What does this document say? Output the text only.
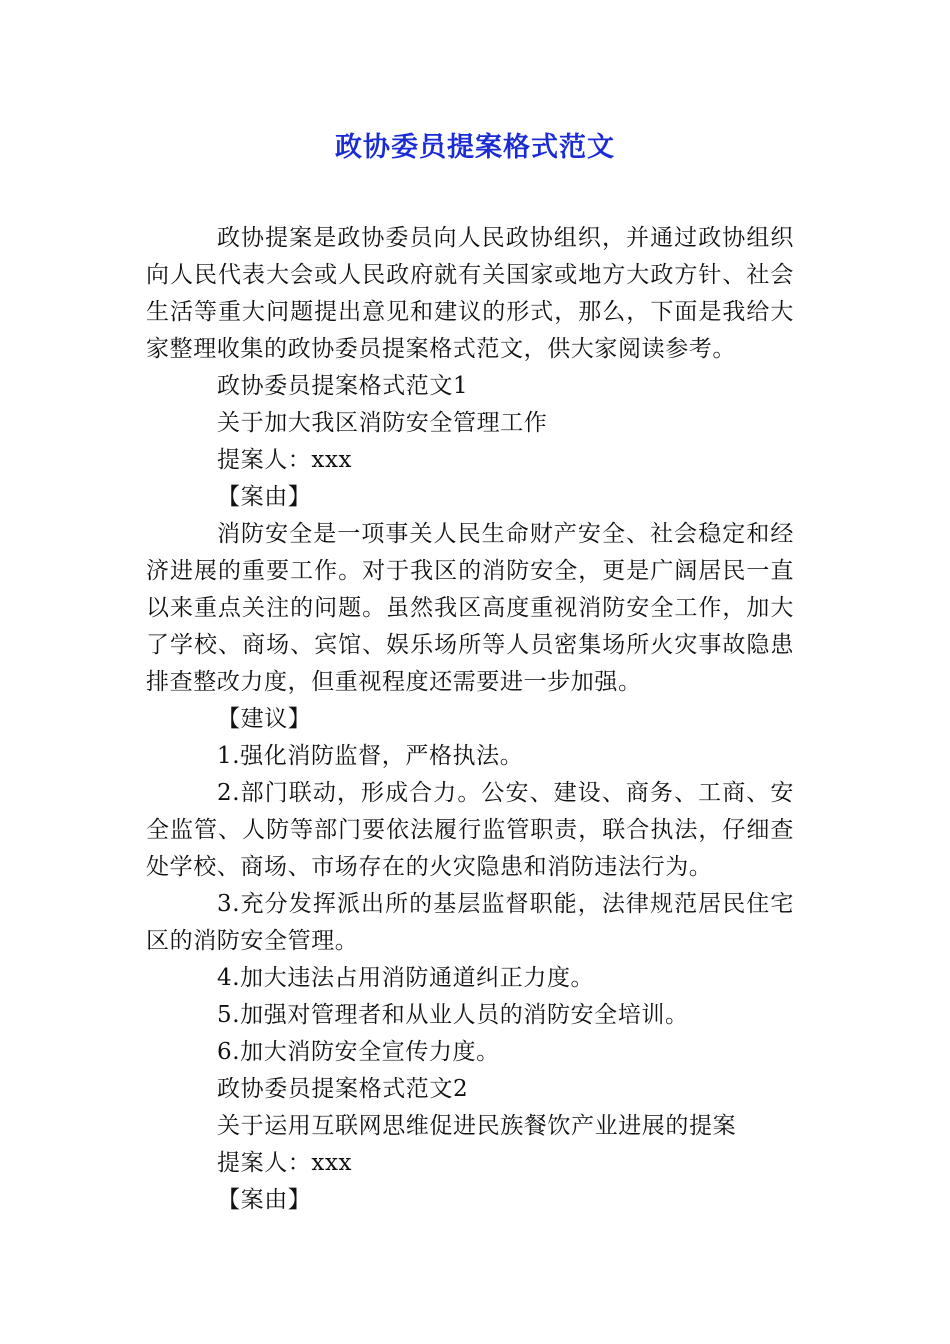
政协委员提案格式范文

政协提案是政协委员向人民政协组织，并通过政协组织向人民代表大会或人民政府就有关国家或地方大政方针、社会生活等重大问题提出意见和建议的形式，那么，下面是我给大家整理收集的政协委员提案格式范文，供大家阅读参考。

政协委员提案格式范文1

关于加大我区消防安全管理工作

提案人：xxx

【案由】

消防安全是一项事关人民生命财产安全、社会稳定和经济进展的重要工作。对于我区的消防安全，更是广阔居民一直以来重点关注的问题。虽然我区高度重视消防安全工作，加大了学校、商场、宾馆、娱乐场所等人员密集场所火灾事故隐患排查整改力度，但重视程度还需要进一步加强。

【建议】

1.强化消防监督，严格执法。

2.部门联动，形成合力。公安、建设、商务、工商、安全监管、人防等部门要依法履行监管职责，联合执法，仔细查处学校、商场、市场存在的火灾隐患和消防违法行为。

3.充分发挥派出所的基层监督职能，法律规范居民住宅区的消防安全管理。

4.加大违法占用消防通道纠正力度。

5.加强对管理者和从业人员的消防安全培训。

6.加大消防安全宣传力度。

政协委员提案格式范文2

关于运用互联网思维促进民族餐饮产业进展的提案

提案人：xxx

【案由】
